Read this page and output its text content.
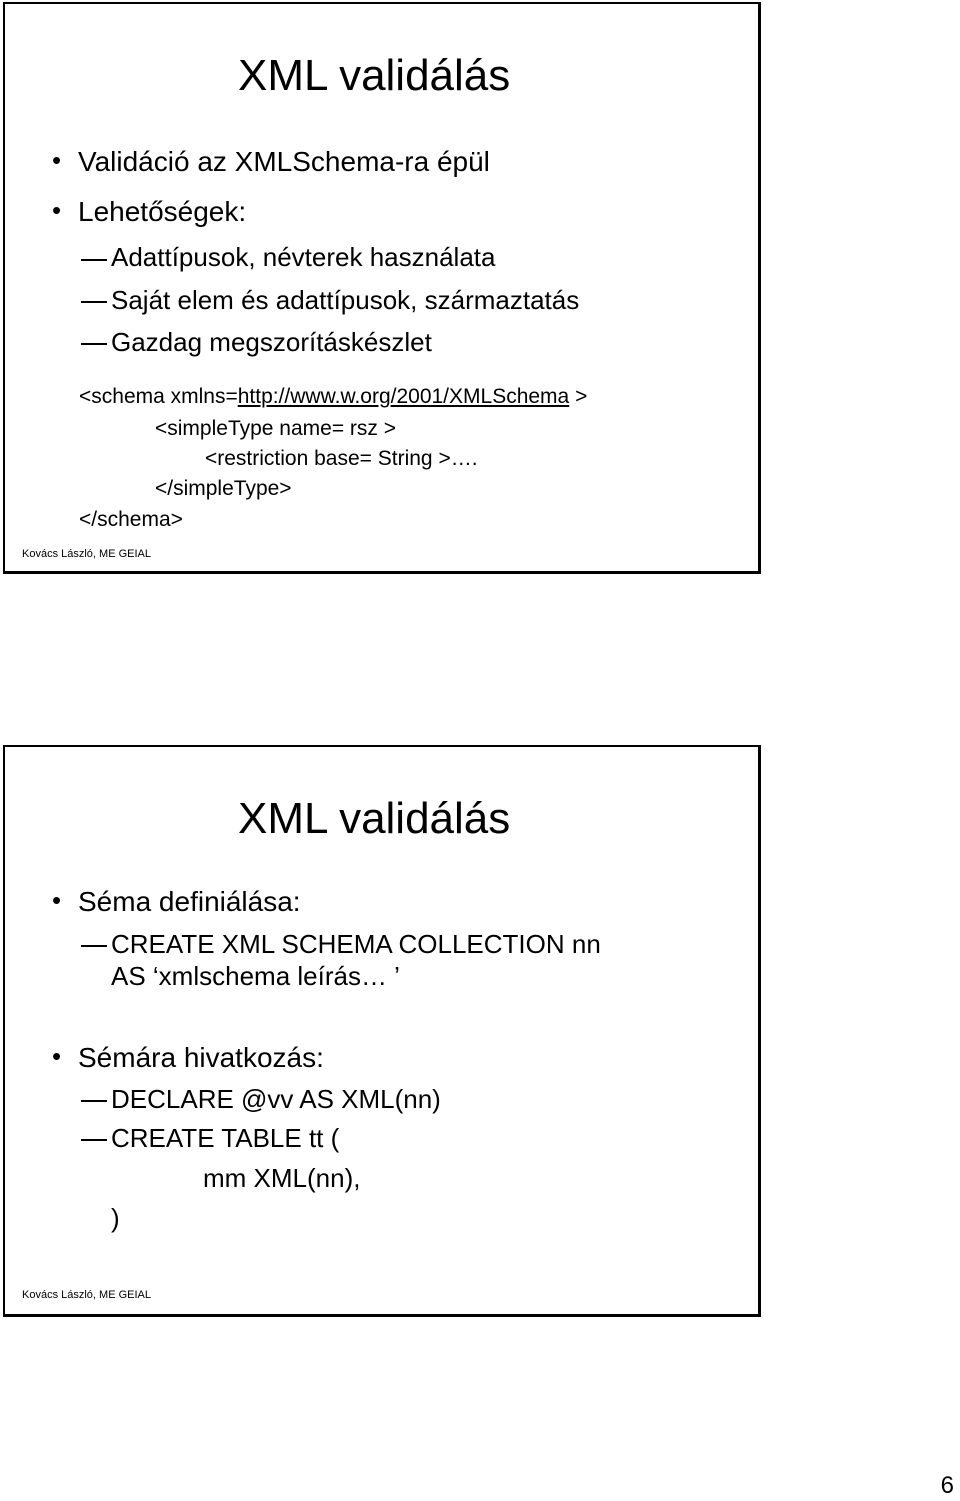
XML validálás
• Validáció az XMLSchema-ra épül
• Lehetőségek:
Adattípusok, névterek használata
Saját elem és adattípusok, származtatás
Gazdag megszorításkészlet
<schema xmlns=http://www.w.org/2001/XMLSchema >
<simpleType name= rsz >
<restriction base= String >….
</simpleType>
</schema>
Kovács László, ME GEIAL
XML validálás
• Séma definiálása:
CREATE XML SCHEMA COLLECTION nn
AS ‘xmlschema leírás… ’
• Sémára hivatkozás:
DECLARE @vv AS XML(nn)
CREATE TABLE tt (
mm XML(nn),
)
Kovács László, ME GEIAL
6
